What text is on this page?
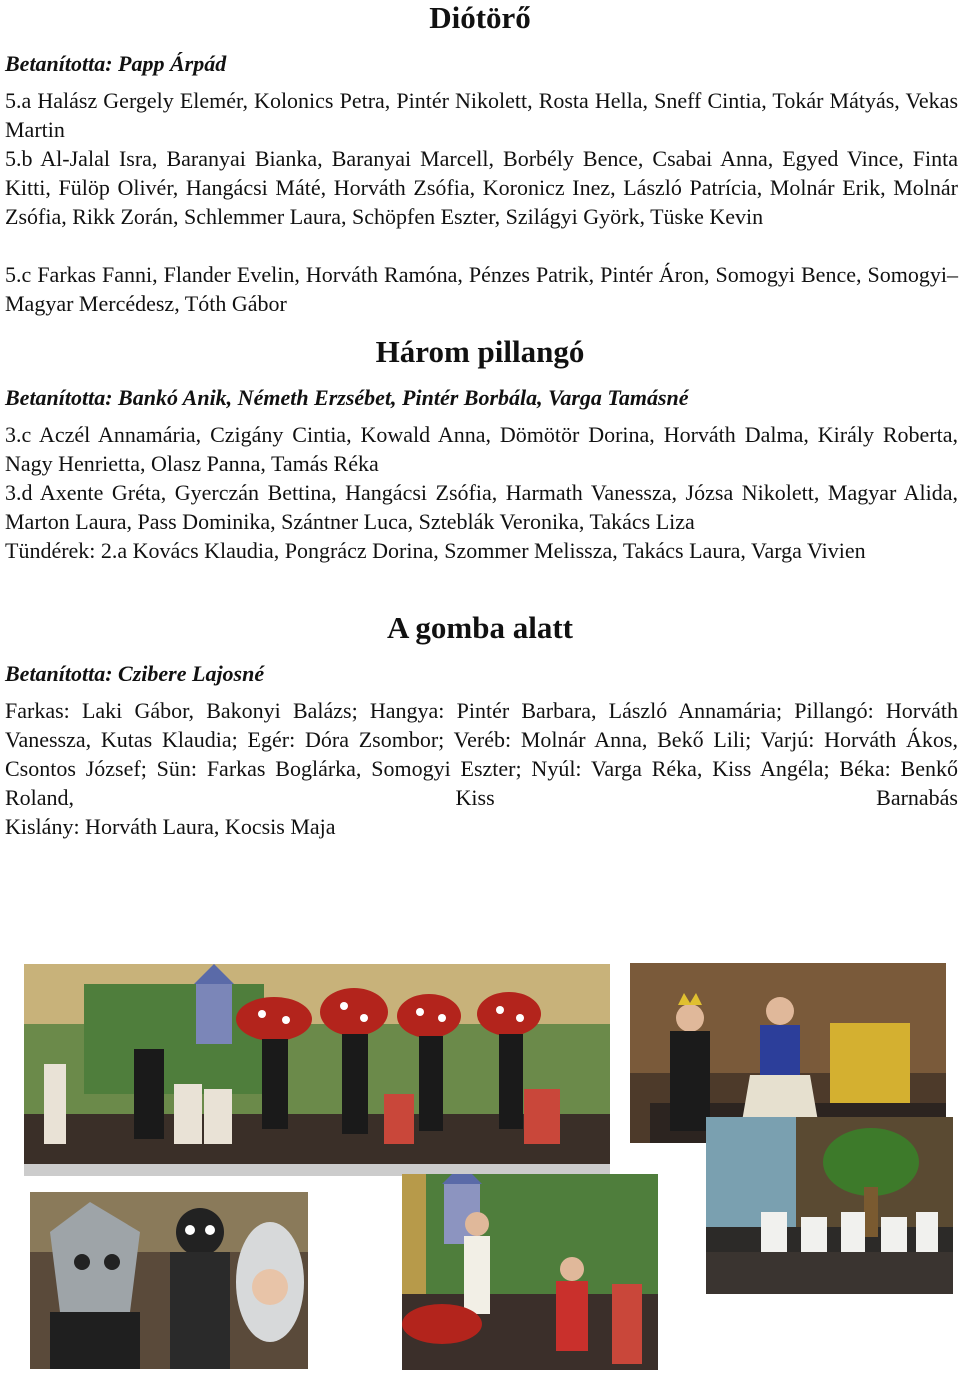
Diótörő

Betanította: Papp Árpád

5.a Halász Gergely Elemér, Kolonics Petra, Pintér Nikolett, Rosta Hella, Sneff Cintia, Tokár Mátyás, Vekas Martin

5.b Al-Jalal Isra, Baranyai Bianka, Baranyai Marcell, Borbély Bence, Csabai Anna, Egyed Vince, Finta Kitti, Fülöp Olivér, Hangácsi Máté, Horváth Zsófia, Koronicz Inez, László Patrícia, Molnár Erik, Molnár Zsófia, Rikk Zorán, Schlemmer Laura, Schöpfen Eszter, Szilágyi Györk, Tüske Kevin

5.c Farkas Fanni, Flander Evelin, Horváth Ramóna, Pénzes Patrik, Pintér Áron, Somogyi Bence, Somogyi–Magyar Mercédesz, Tóth Gábor

Három pillangó

Betanította: Bankó Anik, Németh Erzsébet, Pintér Borbála, Varga Tamásné

3.c Aczél Annamária, Czigány Cintia, Kowald Anna, Dömötör Dorina, Horváth Dalma, Király Roberta, Nagy Henrietta, Olasz Panna, Tamás Réka

3.d Axente Gréta, Gyerczán Bettina, Hangácsi Zsófia, Harmath Vanessza, Józsa Nikolett, Magyar Alida, Marton Laura, Pass Dominika, Szántner Luca, Szteblák Veronika, Takács Liza

Tündérek: 2.a Kovács Klaudia, Pongrácz Dorina, Szommer Melissza, Takács Laura, Varga Vivien

A gomba alatt

Betanította: Czibere Lajosné

Farkas: Laki Gábor, Bakonyi Balázs; Hangya: Pintér Barbara, László Annamária; Pillangó: Horváth Vanessza, Kutas Klaudia; Egér: Dóra Zsombor; Veréb: Molnár Anna, Bekő Lili; Varjú: Horváth Ákos, Csontos József; Sün: Farkas Boglárka, Somogyi Eszter; Nyúl: Varga Réka, Kiss Angéla; Béka: Benkő Roland, Kiss Barnabás

Kislány: Horváth Laura, Kocsis Maja
